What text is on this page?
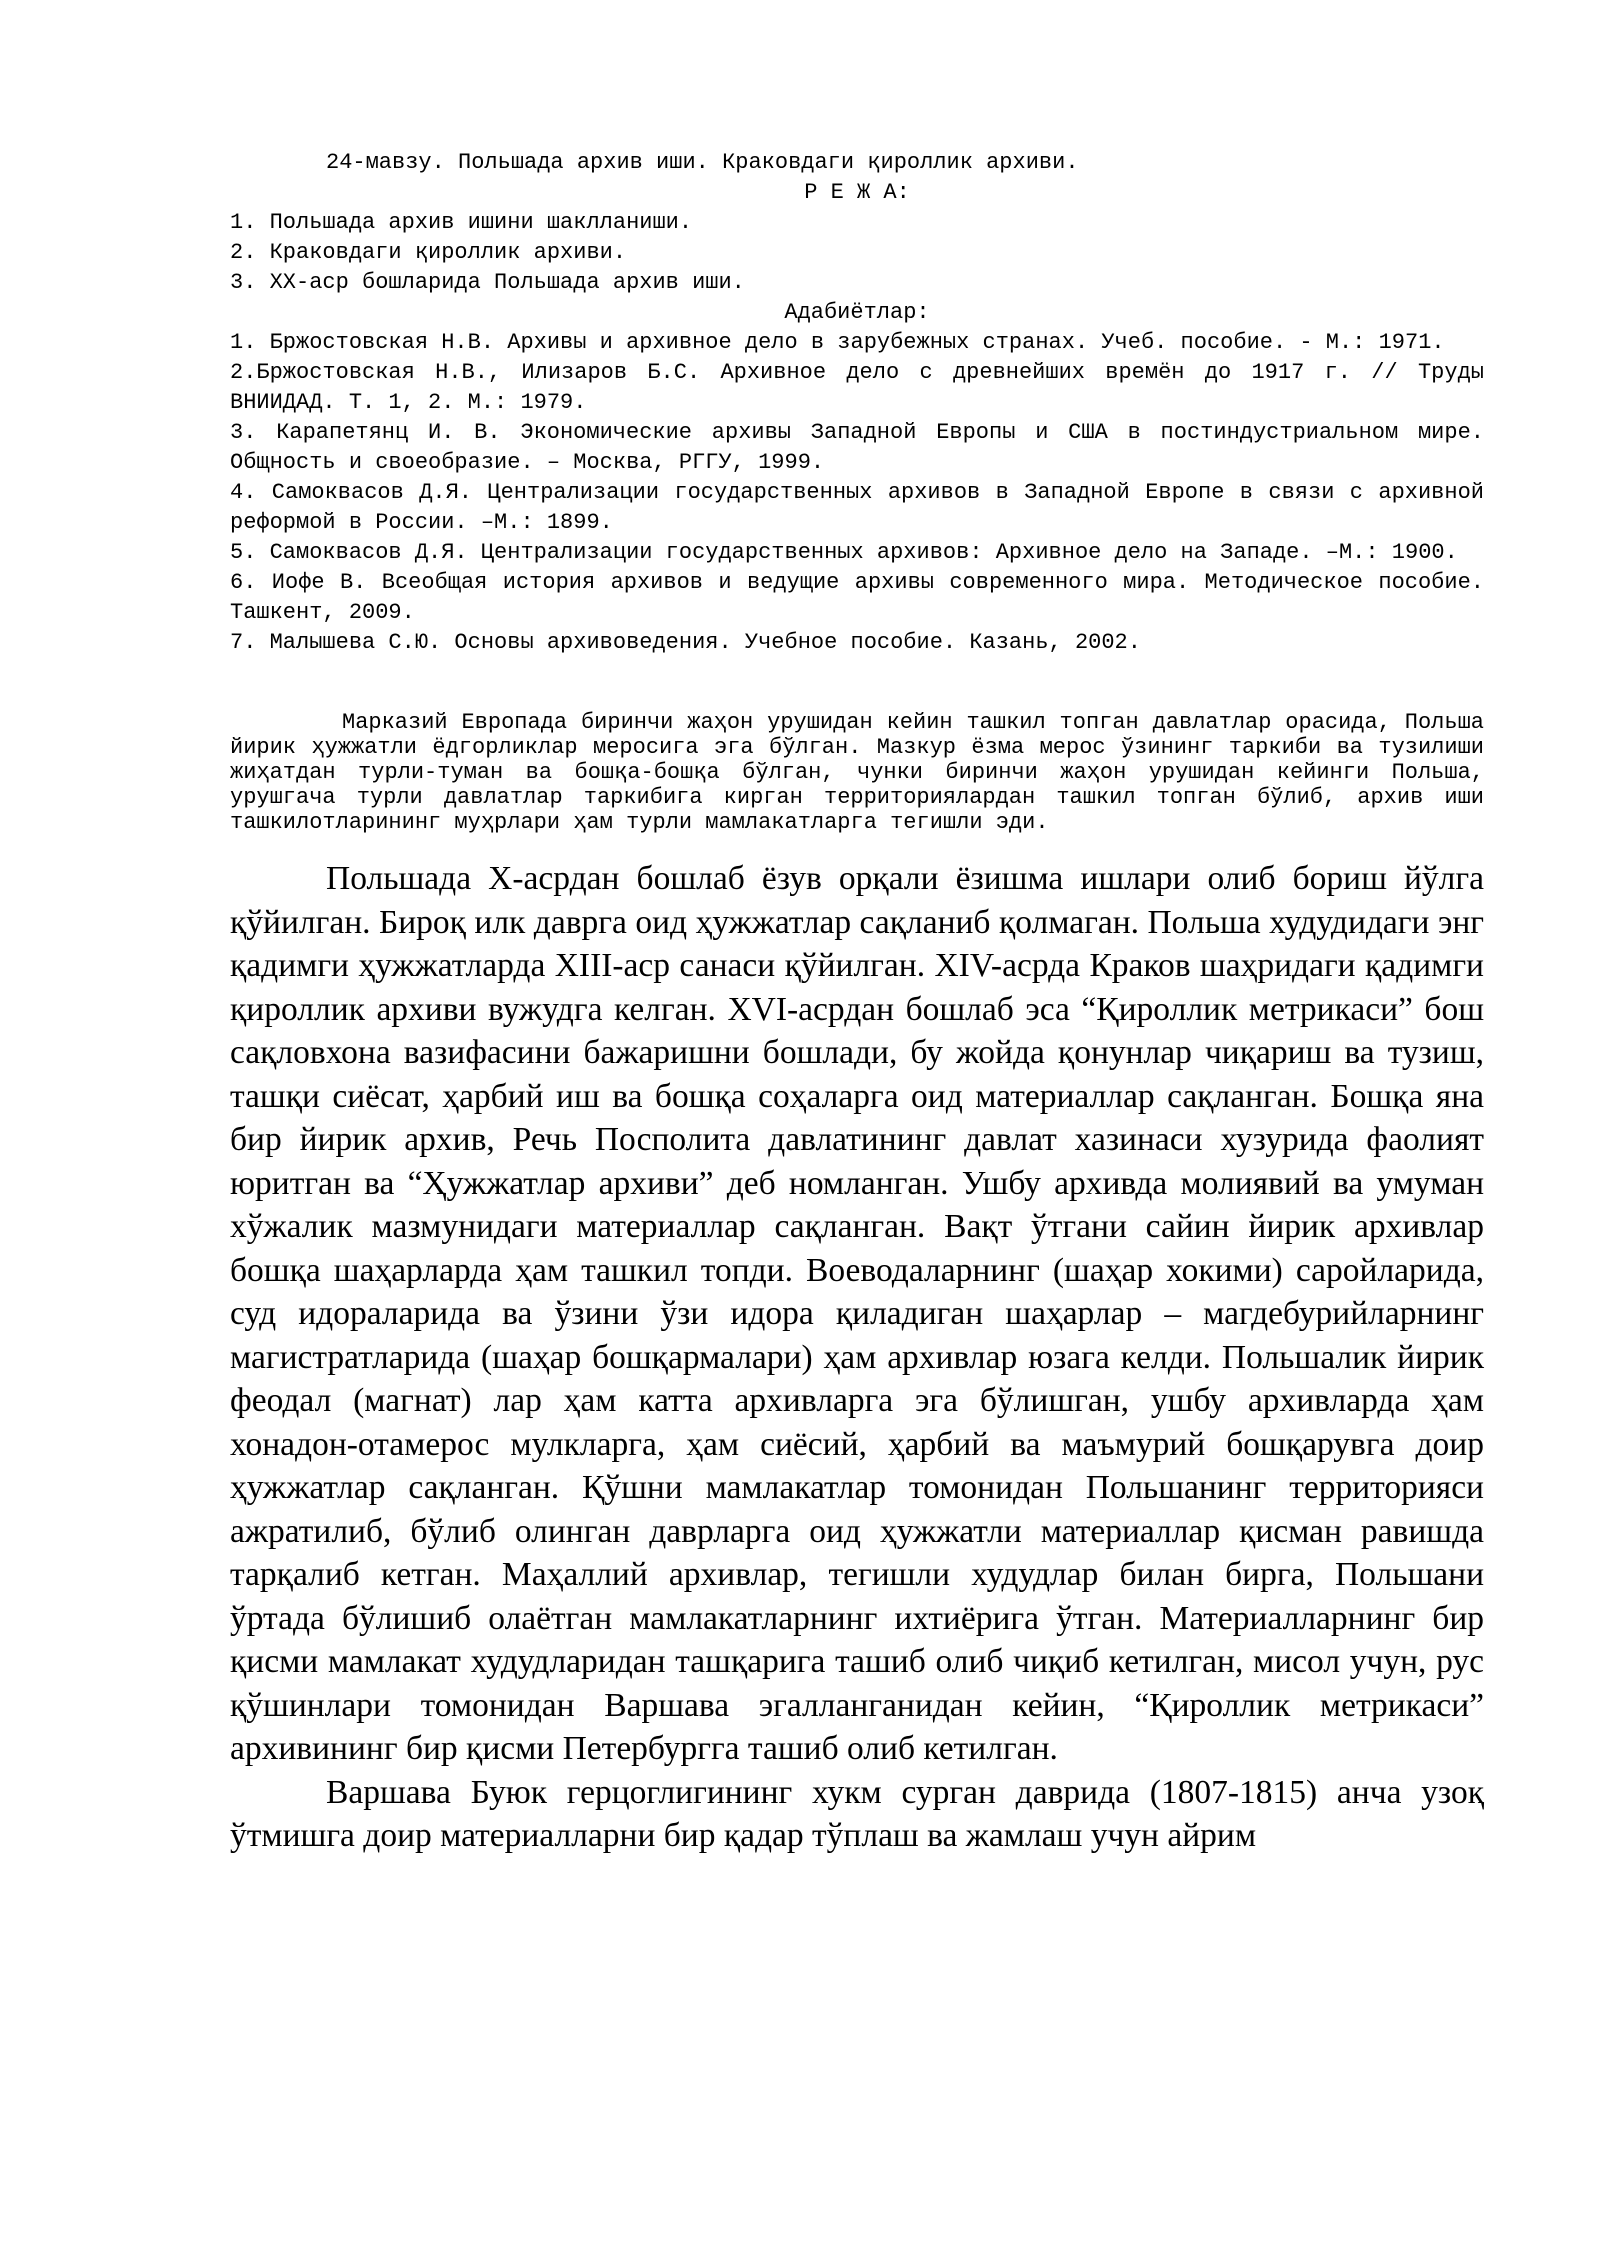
24-мавзу. Польшада архив иши. Краковдаги қироллик архиви.
Р Е Ж А:
1. Польшада архив ишини шаклланиши.
2. Краковдаги қироллик архиви.
3. XX-аср бошларида Польшада архив иши.
Адабиётлар:
1. Бржостовская Н.В. Архивы и архивное дело в зарубежных странах. Учеб. пособие. - М.: 1971.
2.Бржостовская Н.В., Илизаров Б.С. Архивное дело с древнейших времён до 1917 г. // Труды ВНИИДАД. Т. 1, 2. М.: 1979.
3. Карапетянц И. В. Экономические архивы Западной Европы и США в постиндустриальном мире. Общность и своеобразие. – Москва, РГГУ, 1999.
4. Самоквасов Д.Я. Централизации государственных архивов в Западной Европе в связи с архивной реформой в России. –М.: 1899.
5. Самоквасов Д.Я. Централизации государственных архивов: Архивное дело на Западе. –М.: 1900.
6. Иофе В. Всеобщая история архивов и ведущие архивы современного мира. Методическое пособие. Ташкент, 2009.
7. Малышева С.Ю. Основы архивоведения. Учебное пособие. Казань, 2002.

Марказий Европада биринчи жаҳон урушидан кейин ташкил топган давлатлар орасида, Польша йирик ҳужжатли ёдгорликлар меросига эга бўлган. Мазкур ёзма мерос ўзининг таркиби ва тузилиши жиҳатдан турли-туман ва бошқа-бошқа бўлган, чунки биринчи жаҳон урушидан кейинги Польша, урушгача турли давлатлар таркибига кирган территориялардан ташкил топган бўлиб, архив иши ташкилотларининг муҳрлари ҳам турли мамлакатларга тегишли эди.

Польшада X-асрдан бошлаб ёзув орқали ёзишма ишлари олиб бориш йўлга қўйилган. Бироқ илк даврга оид ҳужжатлар сақланиб қолмаган. Польша худудидаги энг қадимги ҳужжатларда XIII-аср санаси қўйилган. XIV-асрда Краков шаҳридаги қадимги қироллик архиви вужудга келган. XVI-асрдан бошлаб эса “Қироллик метрикаси” бош сақловхона вазифасини бажаришни бошлади, бу жойда қонунлар чиқариш ва тузиш, ташқи сиёсат, ҳарбий иш ва бошқа соҳаларга оид материаллар сақланган. Бошқа яна бир йирик архив, Речь Посполита давлатининг давлат хазинаси хузурида фаолият юритган ва “Ҳужжатлар архиви” деб номланган. Ушбу архивда молиявий ва умуман хўжалик мазмунидаги материаллар сақланган. Вақт ўтгани сайин йирик архивлар бошқа шаҳарларда ҳам ташкил топди. Воеводаларнинг (шаҳар хокими) саройларида, суд идораларида ва ўзини ўзи идора қиладиган шаҳарлар – магдебурийларнинг магистратларида (шаҳар бошқармалари) ҳам архивлар юзага келди. Польшалик йирик феодал (магнат) лар ҳам катта архивларга эга бўлишган, ушбу архивларда ҳам хонадон-отамерос мулкларга, ҳам сиёсий, ҳарбий ва маъмурий бошқарувга доир ҳужжатлар сақланган. Қўшни мамлакатлар томонидан Польшанинг территорияси ажратилиб, бўлиб олинган даврларга оид ҳужжатли материаллар қисман равишда тарқалиб кетган. Маҳаллий архивлар, тегишли худудлар билан бирга, Польшани ўртада бўлишиб олаётган мамлакатларнинг ихтиёрига ўтган. Материалларнинг бир қисми мамлакат худудларидан ташқарига ташиб олиб чиқиб кетилган, мисол учун, рус қўшинлари томонидан Варшава эгалланганидан кейин, “Қироллик метрикаси” архивининг бир қисми Петербургга ташиб олиб кетилган.

Варшава Буюк герцоглигининг хукм сурган даврида (1807-1815) анча узоқ ўтмишга доир материалларни бир қадар тўплаш ва жамлаш учун айрим
